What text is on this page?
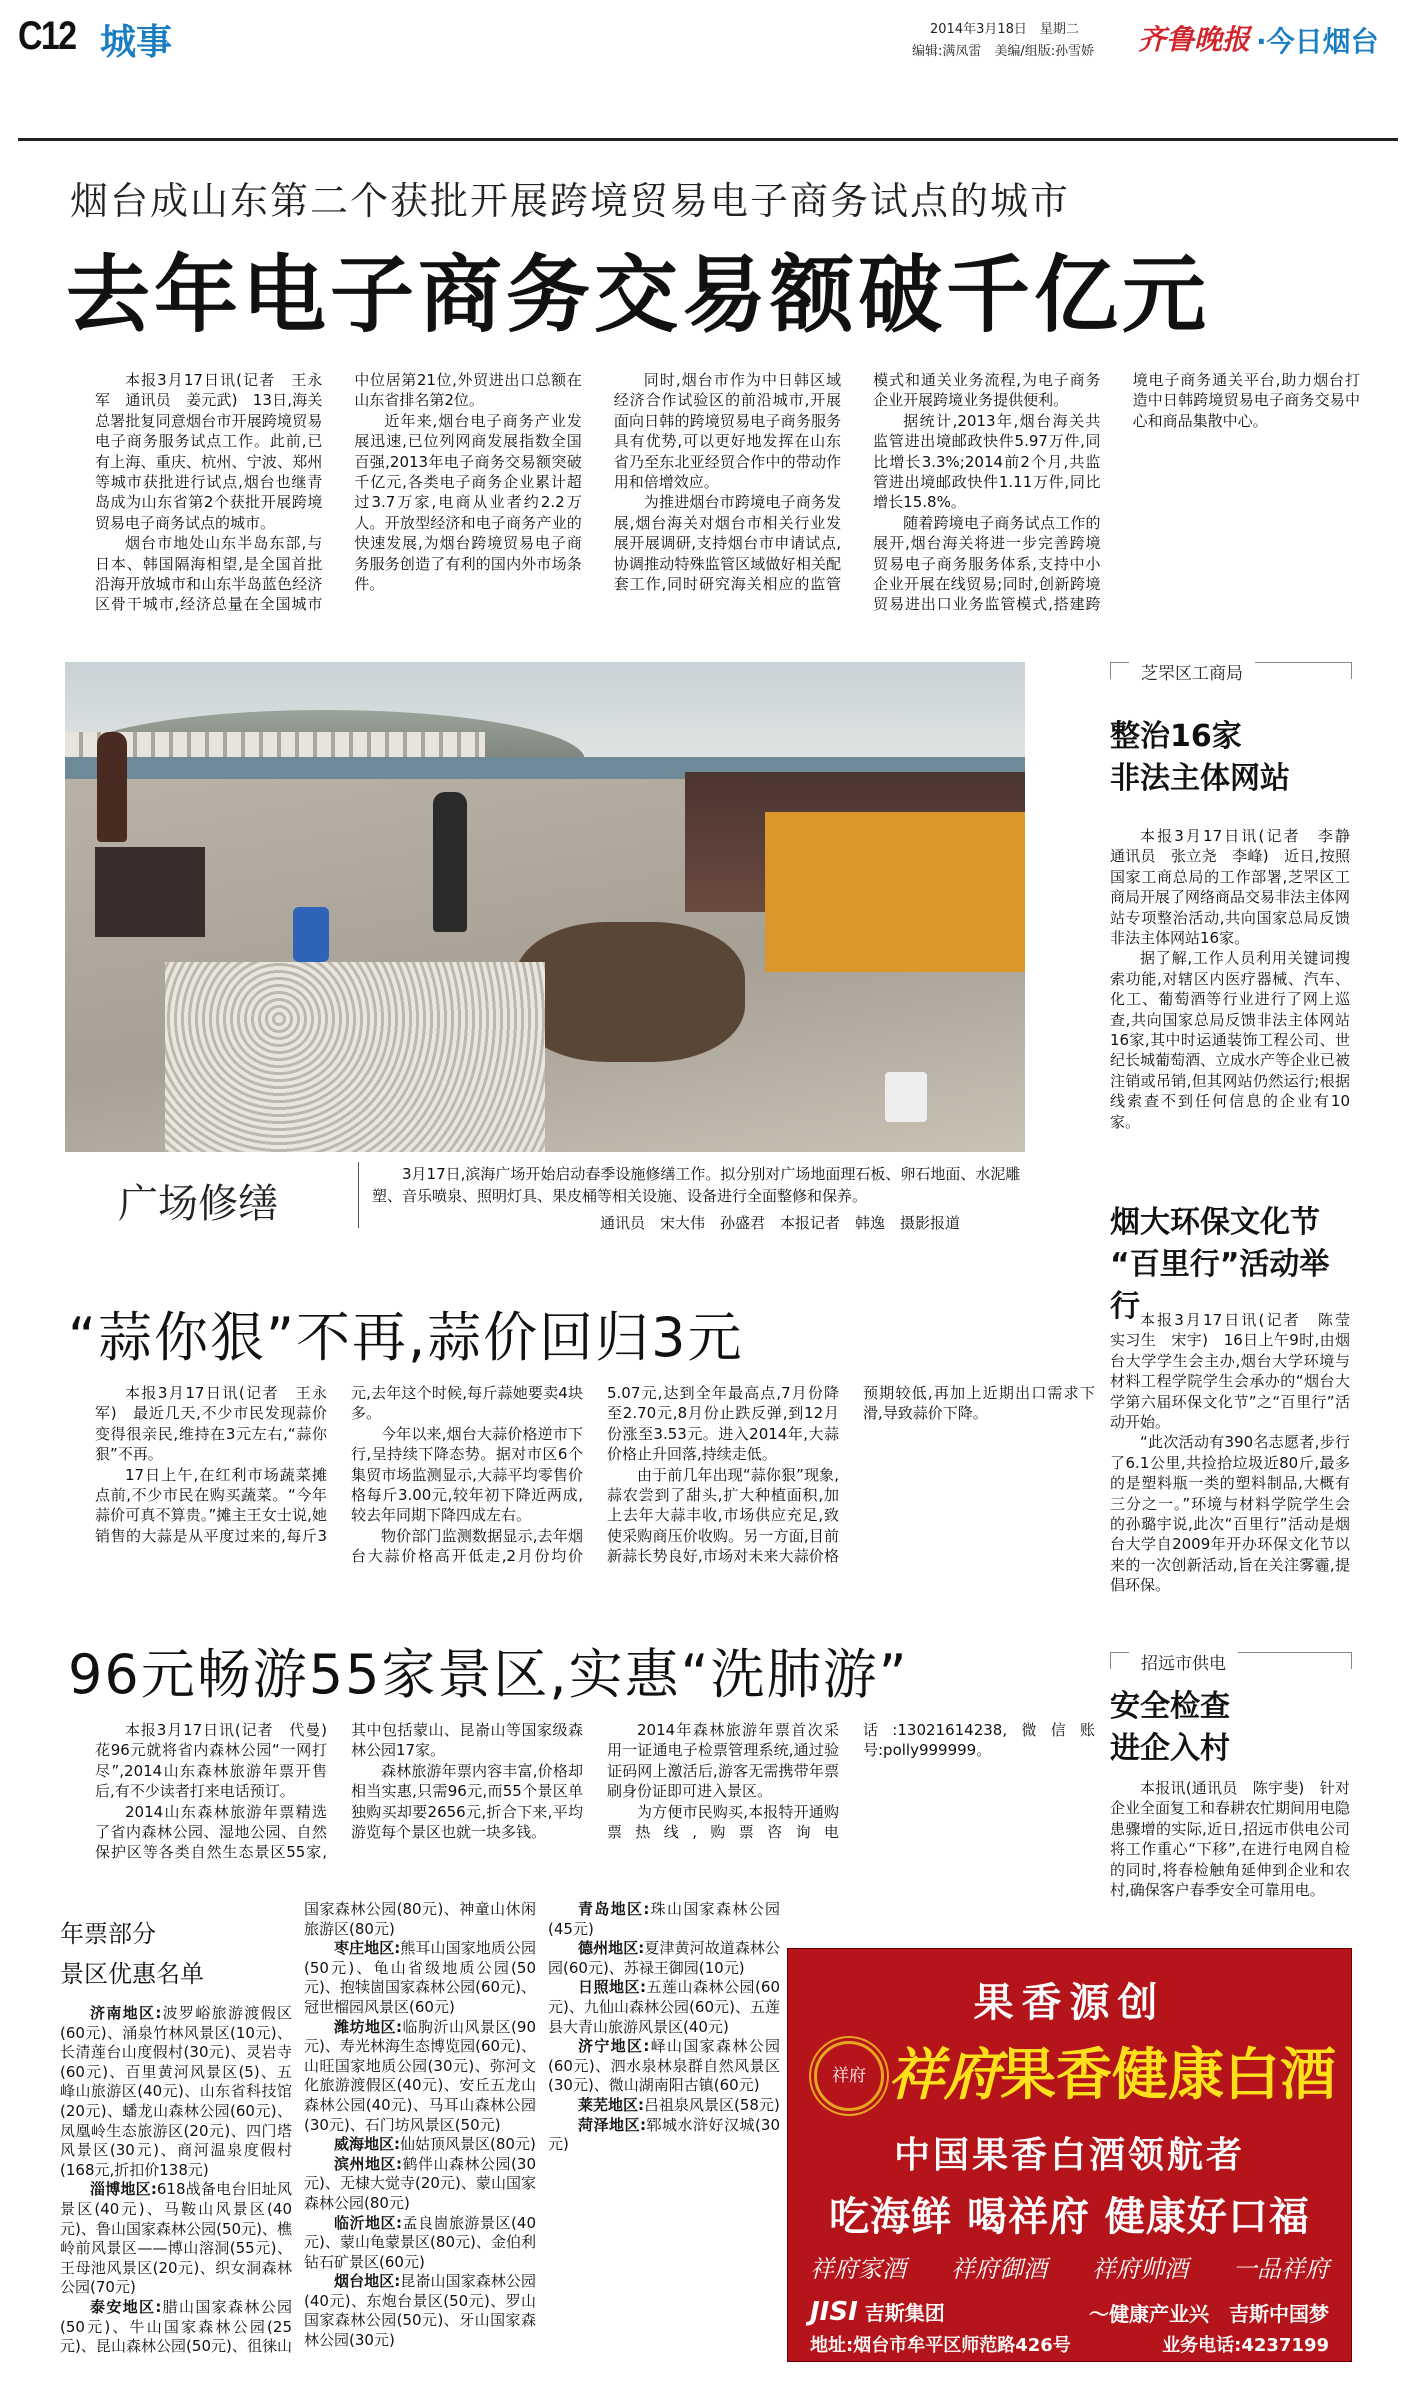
C12 城事	2014年3月18日　星期二
编辑:满凤雷　美编/组版:孙雪娇 齐鲁晚报 ·今日烟台
烟台成山东第二个获批开展跨境贸易电子商务试点的城市
去年电子商务交易额破千亿元

本报3月17日讯(记者　王永军　通讯员　姜元武)　13日,海关总署批复同意烟台市开展跨境贸易电子商务服务试点工作。此前,已有上海、重庆、杭州、宁波、郑州等城市获批进行试点,烟台也继青岛成为山东省第2个获批开展跨境贸易电子商务试点的城市。

烟台市地处山东半岛东部,与日本、韩国隔海相望,是全国首批沿海开放城市和山东半岛蓝色经济区骨干城市,经济总量在全国城市中位居第21位,外贸进出口总额在山东省排名第2位。

近年来,烟台电子商务产业发展迅速,已位列网商发展指数全国百强,2013年电子商务交易额突破千亿元,各类电子商务企业累计超过3.7万家,电商从业者约2.2万人。开放型经济和电子商务产业的快速发展,为烟台跨境贸易电子商务服务创造了有利的国内外市场条件。

同时,烟台市作为中日韩区域经济合作试验区的前沿城市,开展面向日韩的跨境贸易电子商务服务具有优势,可以更好地发挥在山东省乃至东北亚经贸合作中的带动作用和倍增效应。

为推进烟台市跨境电子商务发展,烟台海关对烟台市相关行业发展开展调研,支持烟台市申请试点,协调推动特殊监管区域做好相关配套工作,同时研究海关相应的监管模式和通关业务流程,为电子商务企业开展跨境业务提供便利。

据统计,2013年,烟台海关共监管进出境邮政快件5.97万件,同比增长3.3%;2014前2个月,共监管进出境邮政快件1.11万件,同比增长15.8%。

随着跨境电子商务试点工作的展开,烟台海关将进一步完善跨境贸易电子商务服务体系,支持中小企业开展在线贸易;同时,创新跨境贸易进出口业务监管模式,搭建跨境电子商务通关平台,助力烟台打造中日韩跨境贸易电子商务交易中心和商品集散中心。

广场修缮
3月17日,滨海广场开始启动春季设施修缮工作。拟分别对广场地面理石板、卵石地面、水泥雕塑、音乐喷泉、照明灯具、果皮桶等相关设施、设备进行全面整修和保养。
通讯员　宋大伟　孙盛君　本报记者　韩逸　摄影报道
芝罘区工商局
整治16家
非法主体网站

本报3月17日讯(记者　李静　通讯员　张立尧　李峰)　近日,按照国家工商总局的工作部署,芝罘区工商局开展了网络商品交易非法主体网站专项整治活动,共向国家总局反馈非法主体网站16家。

据了解,工作人员利用关键词搜索功能,对辖区内医疗器械、汽车、化工、葡萄酒等行业进行了网上巡查,共向国家总局反馈非法主体网站16家,其中时运通装饰工程公司、世纪长城葡萄酒、立成水产等企业已被注销或吊销,但其网站仍然运行;根据线索查不到任何信息的企业有10家。

烟大环保文化节
“百里行”活动举行 本报3月17日讯(记者　陈莹　实习生　宋宇)　16日上午9时,由烟台大学学生会主办,烟台大学环境与材料工程学院学生会承办的“烟台大学第六届环保文化节”之“百里行”活动开始。

“此次活动有390名志愿者,步行了6.1公里,共捡拾垃圾近80斤,最多的是塑料瓶一类的塑料制品,大概有三分之一。”环境与材料学院学生会的孙璐宇说,此次“百里行”活动是烟台大学自2009年开办环保文化节以来的一次创新活动,旨在关注雾霾,提倡环保。

招远市供电
安全检查
进企入村

本报讯(通讯员　陈宇斐)　针对企业全面复工和春耕农忙期间用电隐患骤增的实际,近日,招远市供电公司将工作重心“下移”,在进行电网自检的同时,将春检触角延伸到企业和农村,确保客户春季安全可靠用电。

“蒜你狠”不再,蒜价回归3元

本报3月17日讯(记者　王永军)　最近几天,不少市民发现蒜价变得很亲民,维持在3元左右,“蒜你狠”不再。

17日上午,在红利市场蔬菜摊点前,不少市民在购买蔬菜。“今年蒜价可真不算贵。”摊主王女士说,她销售的大蒜是从平度过来的,每斤3元,去年这个时候,每斤蒜她要卖4块多。

今年以来,烟台大蒜价格逆市下行,呈持续下降态势。据对市区6个集贸市场监测显示,大蒜平均零售价格每斤3.00元,较年初下降近两成,较去年同期下降四成左右。

物价部门监测数据显示,去年烟台大蒜价格高开低走,2月份均价5.07元,达到全年最高点,7月份降至2.70元,8月份止跌反弹,到12月份涨至3.53元。进入2014年,大蒜价格止升回落,持续走低。

由于前几年出现“蒜你狠”现象,蒜农尝到了甜头,扩大种植面积,加上去年大蒜丰收,市场供应充足,致使采购商压价收购。另一方面,目前新蒜长势良好,市场对未来大蒜价格预期较低,再加上近期出口需求下滑,导致蒜价下降。

96元畅游55家景区,实惠“洗肺游”

本报3月17日讯(记者　代曼)　花96元就将省内森林公园“一网打尽”,2014山东森林旅游年票开售后,有不少读者打来电话预订。

2014山东森林旅游年票精选了省内森林公园、湿地公园、自然保护区等各类自然生态景区55家,其中包括蒙山、昆嵛山等国家级森林公园17家。

森林旅游年票内容丰富,价格却相当实惠,只需96元,而55个景区单独购买却要2656元,折合下来,平均游览每个景区也就一块多钱。

2014年森林旅游年票首次采用一证通电子检票管理系统,通过验证码网上激活后,游客无需携带年票刷身份证即可进入景区。

为方便市民购买,本报特开通购票热线,购票咨询电话:13021614238,微信账号:polly999999。

年票部分
景区优惠名单

济南地区:波罗峪旅游渡假区(60元)、涌泉竹林风景区(10元)、长清莲台山度假村(30元)、灵岩寺(60元)、百里黄河风景区(5)、五峰山旅游区(40元)、山东省科技馆(20元)、蟠龙山森林公园(60元)、凤凰岭生态旅游区(20元)、四门塔风景区(30元)、商河温泉度假村(168元,折扣价138元)

淄博地区:618战备电台旧址风景区(40元)、马鞍山风景区(40元)、鲁山国家森林公园(50元)、樵岭前风景区——博山溶洞(55元)、王母池风景区(20元)、织女洞森林公园(70元)

泰安地区:腊山国家森林公园(50元)、牛山国家森林公园(25元)、昆山森林公园(50元)、徂徕山国家森林公园(80元)、神童山休闲旅游区(80元)

枣庄地区:熊耳山国家地质公园(50元)、龟山省级地质公园(50元)、抱犊崮国家森林公园(60元)、冠世榴园风景区(60元)

潍坊地区:临朐沂山风景区(90元)、寿光林海生态博览园(60元)、山旺国家地质公园(30元)、弥河文化旅游渡假区(40元)、安丘五龙山森林公园(40元)、马耳山森林公园(30元)、石门坊风景区(50元)

威海地区:仙姑顶风景区(80元)

滨州地区:鹤伴山森林公园(30元)、无棣大觉寺(20元)、蒙山国家森林公园(80元)

临沂地区:孟良崮旅游景区(40元)、蒙山龟蒙景区(80元)、金伯利钻石矿景区(60元)

烟台地区:昆嵛山国家森林公园(40元)、东炮台景区(50元)、罗山国家森林公园(50元)、牙山国家森林公园(30元)

青岛地区:珠山国家森林公园(45元)

德州地区:夏津黄河故道森林公园(60元)、苏禄王御园(10元)

日照地区:五莲山森林公园(60元)、九仙山森林公园(60元)、五莲县大青山旅游风景区(40元)

济宁地区:峄山国家森林公园(60元)、泗水泉林泉群自然风景区(30元)、微山湖南阳古镇(60元)

莱芜地区:吕祖泉风景区(58元)

菏泽地区:郓城水浒好汉城(30元)

果香源创
祥府 祥府果香健康白酒
中国果香白酒领航者
吃海鲜 喝祥府 健康好口福
祥府家酒 祥府御酒 祥府帅酒 一品祥府
JISI 吉斯集团	～健康产业兴　吉斯中国梦
地址:烟台市牟平区师范路426号	业务电话:4237199
